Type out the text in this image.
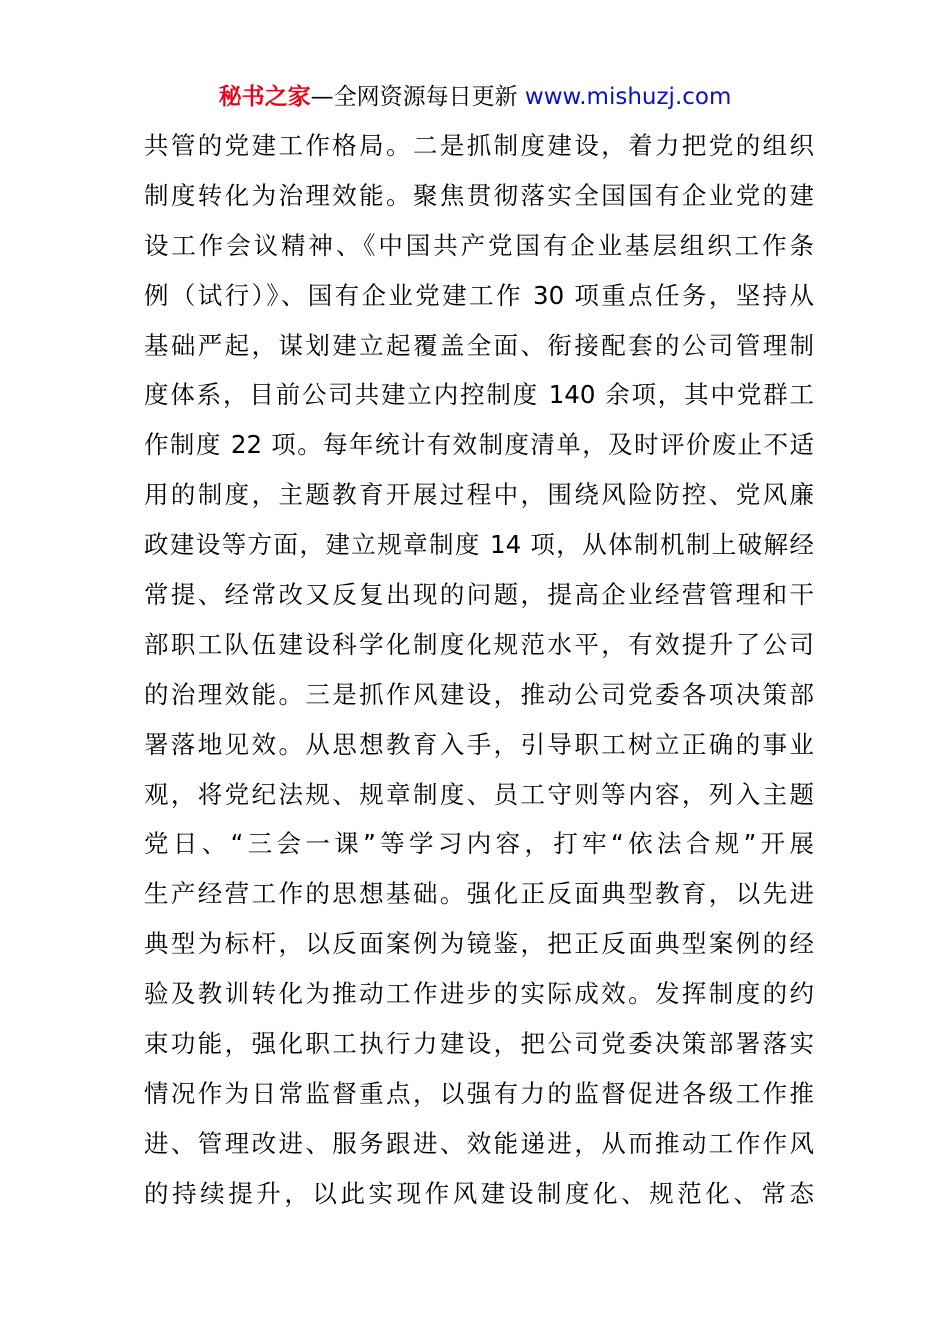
秘书之家—全网资源每日更新 www.mishuzj.com
共管的党建工作格局。二是抓制度建设，着力把党的组织
制度转化为治理效能。聚焦贯彻落实全国国有企业党的建
设工作会议精神、《中国共产党国有企业基层组织工作条
例（试行）》、国有企业党建工作 30 项重点任务，坚持从
基础严起，谋划建立起覆盖全面、衔接配套的公司管理制
度体系，目前公司共建立内控制度 140 余项，其中党群工
作制度 22 项。每年统计有效制度清单，及时评价废止不适
用的制度，主题教育开展过程中，围绕风险防控、党风廉
政建设等方面，建立规章制度 14 项，从体制机制上破解经
常提、经常改又反复出现的问题，提高企业经营管理和干
部职工队伍建设科学化制度化规范水平，有效提升了公司
的治理效能。三是抓作风建设，推动公司党委各项决策部
署落地见效。从思想教育入手，引导职工树立正确的事业
观，将党纪法规、规章制度、员工守则等内容，列入主题
党日、“三会一课”等学习内容，打牢“依法合规”开展
生产经营工作的思想基础。强化正反面典型教育，以先进
典型为标杆，以反面案例为镜鉴，把正反面典型案例的经
验及教训转化为推动工作进步的实际成效。发挥制度的约
束功能，强化职工执行力建设，把公司党委决策部署落实
情况作为日常监督重点，以强有力的监督促进各级工作推
进、管理改进、服务跟进、效能递进，从而推动工作作风
的持续提升，以此实现作风建设制度化、规范化、常态
